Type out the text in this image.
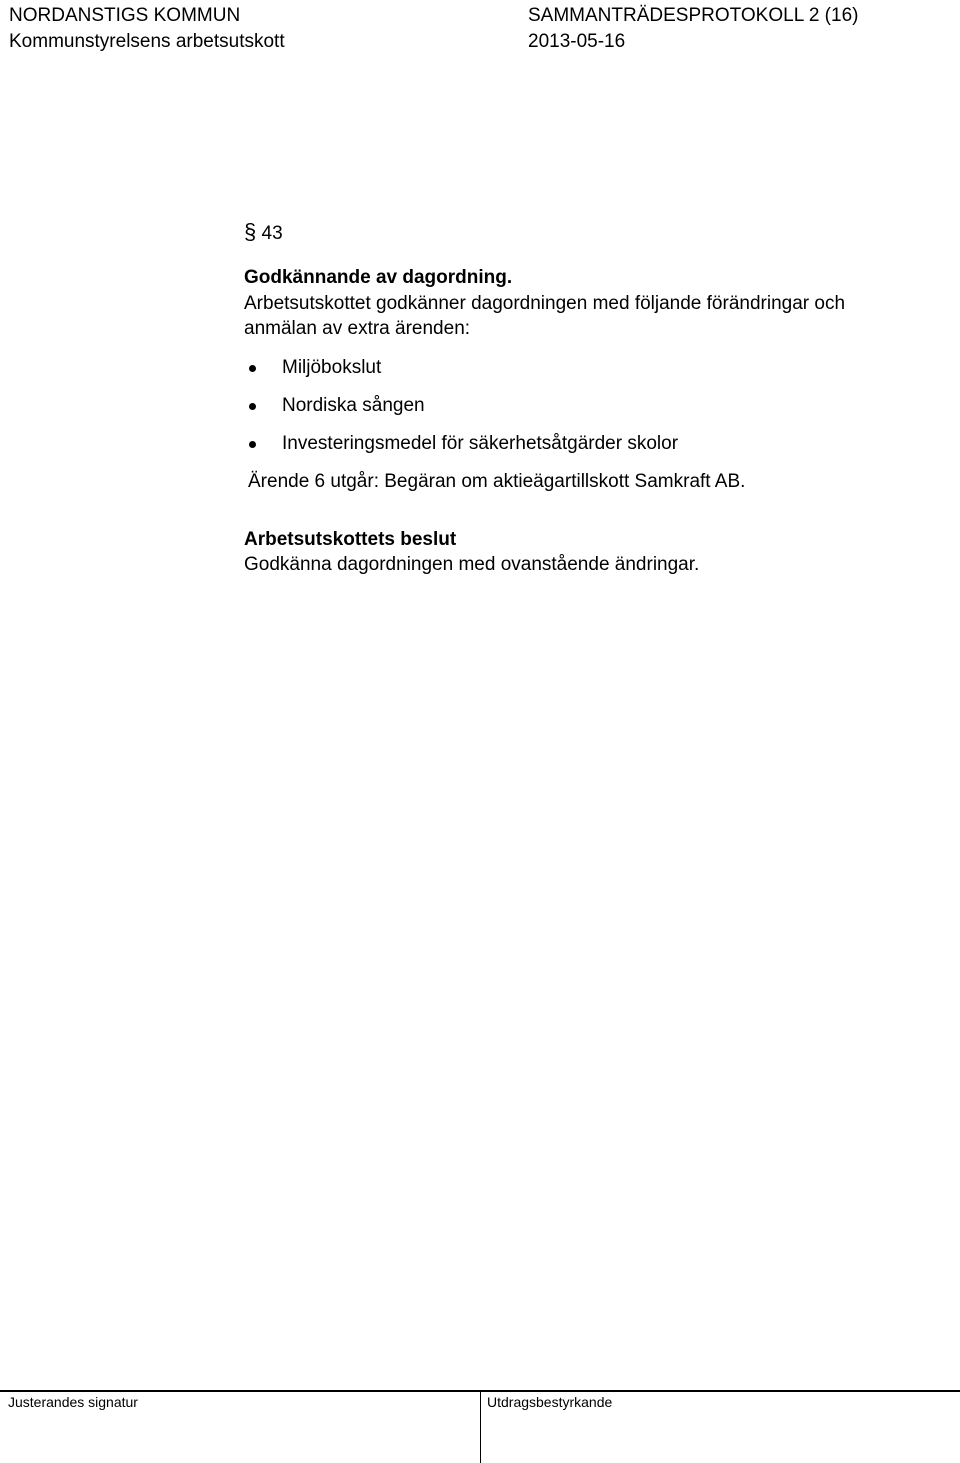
NORDANSTIGS KOMMUN
Kommunstyrelsens arbetsutskott
SAMMANTRÄDESPROTOKOLL 2 (16)
2013-05-16
§ 43
Godkännande av dagordning.
Arbetsutskottet godkänner dagordningen med följande förändringar och
anmälan av extra ärenden:
Miljöbokslut
Nordiska sången
Investeringsmedel för säkerhetsåtgärder skolor
Ärende 6 utgår: Begäran om aktieägartillskott Samkraft AB.
Arbetsutskottets beslut
Godkänna dagordningen med ovanstående ändringar.
Justerandes signatur	Utdragsbestyrkande
